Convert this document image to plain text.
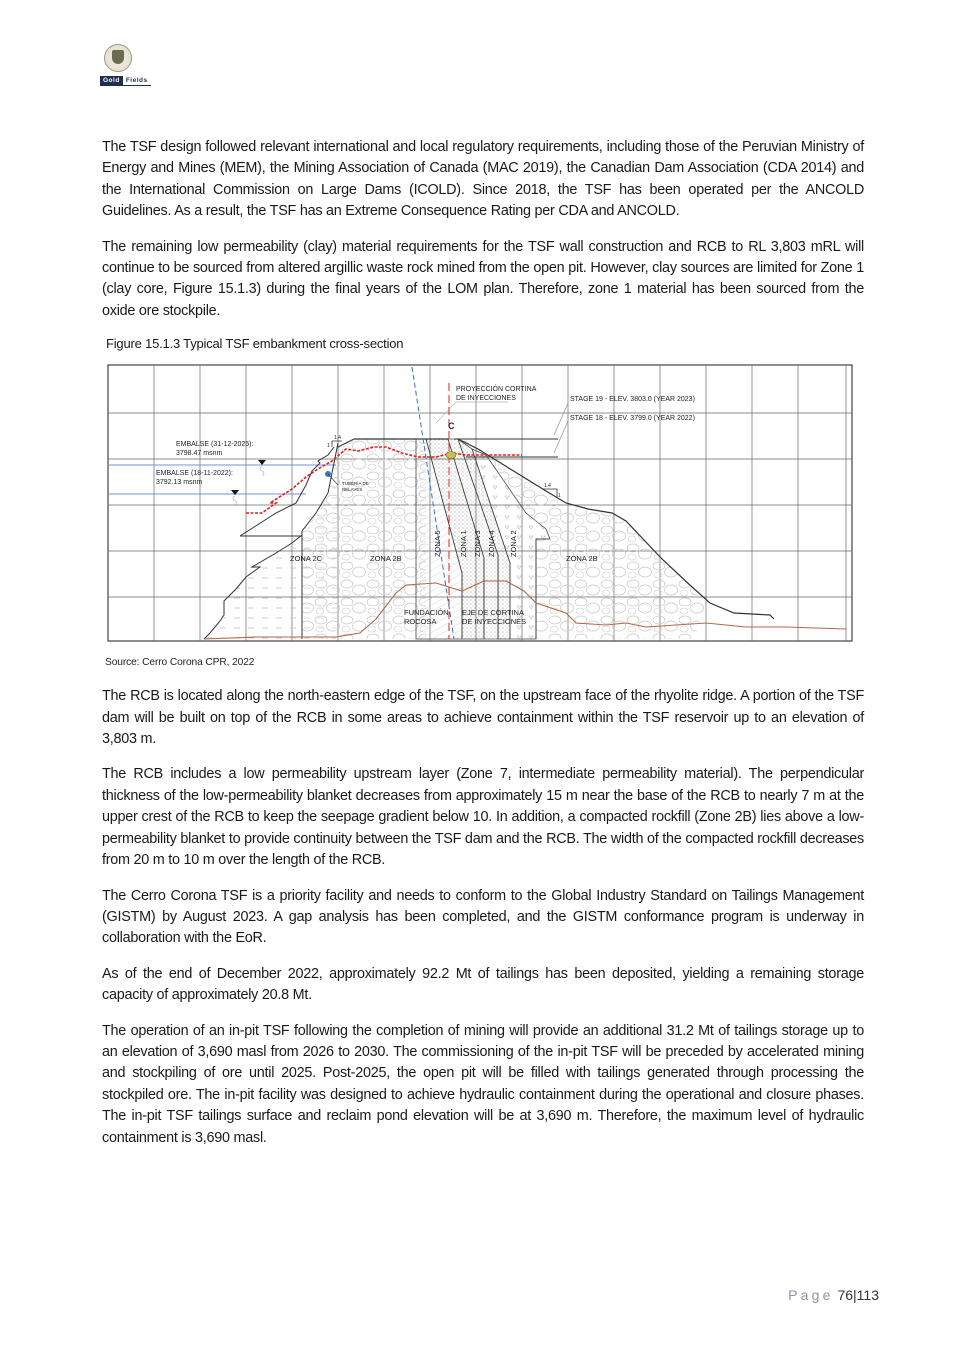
Gold Fields

The TSF design followed relevant international and local regulatory requirements, including those of the Peruvian Ministry of Energy and Mines (MEM), the Mining Association of Canada (MAC 2019), the Canadian Dam Association (CDA 2014) and the International Commission on Large Dams (ICOLD). Since 2018, the TSF has been operated per the ANCOLD Guidelines. As a result, the TSF has an Extreme Consequence Rating per CDA and ANCOLD.

The remaining low permeability (clay) material requirements for the TSF wall construction and RCB to RL 3,803 mRL will continue to be sourced from altered argillic waste rock mined from the open pit. However, clay sources are limited for Zone 1 (clay core, Figure 15.1.3) during the final years of the LOM plan. Therefore, zone 1 material has been sourced from the oxide ore stockpile.

Figure 15.1.3 Typical TSF embankment cross-section
1.4
1
1.4
1
PROYECCIÓN CORTINA
DE INYECCIONES	STAGE 19 - ELEV. 3803.0 (YEAR 2023)
STAGE 18 - ELEV. 3799.0 (YEAR 2022)
C
EMBALSE (31-12-2025):
3798.47 msnm
EMBALSE (18-11-2022):
3792.13 msnm	TUBERÍA DE
RELAVES
ZONA 2C	ZONA 2B	ZONA 2B
ZONA 5 ZONA 1 ZONA 3 ZONA 4 ZONA 2
FUNDACIÓN
ROCOSA
EJE DE CORTINA
DE INYECCIONES
Source: Cerro Corona CPR, 2022

The RCB is located along the north-eastern edge of the TSF, on the upstream face of the rhyolite ridge. A portion of the TSF dam will be built on top of the RCB in some areas to achieve containment within the TSF reservoir up to an elevation of 3,803 m.

The RCB includes a low permeability upstream layer (Zone 7, intermediate permeability material). The perpendicular thickness of the low-permeability blanket decreases from approximately 15 m near the base of the RCB to nearly 7 m at the upper crest of the RCB to keep the seepage gradient below 10. In addition, a compacted rockfill (Zone 2B) lies above a low-permeability blanket to provide continuity between the TSF dam and the RCB. The width of the compacted rockfill decreases from 20 m to 10 m over the length of the RCB.

The Cerro Corona TSF is a priority facility and needs to conform to the Global Industry Standard on Tailings Management (GISTM) by August 2023. A gap analysis has been completed, and the GISTM conformance program is underway in collaboration with the EoR.

As of the end of December 2022, approximately 92.2 Mt of tailings has been deposited, yielding a remaining storage capacity of approximately 20.8 Mt.

The operation of an in-pit TSF following the completion of mining will provide an additional 31.2 Mt of tailings storage up to an elevation of 3,690 masl from 2026 to 2030. The commissioning of the in-pit TSF will be preceded by accelerated mining and stockpiling of ore until 2025. Post-2025, the open pit will be filled with tailings generated through processing the stockpiled ore. The in-pit facility was designed to achieve hydraulic containment during the operational and closure phases. The in-pit TSF tailings surface and reclaim pond elevation will be at 3,690 m. Therefore, the maximum level of hydraulic containment is 3,690 masl.

Page 76|113
